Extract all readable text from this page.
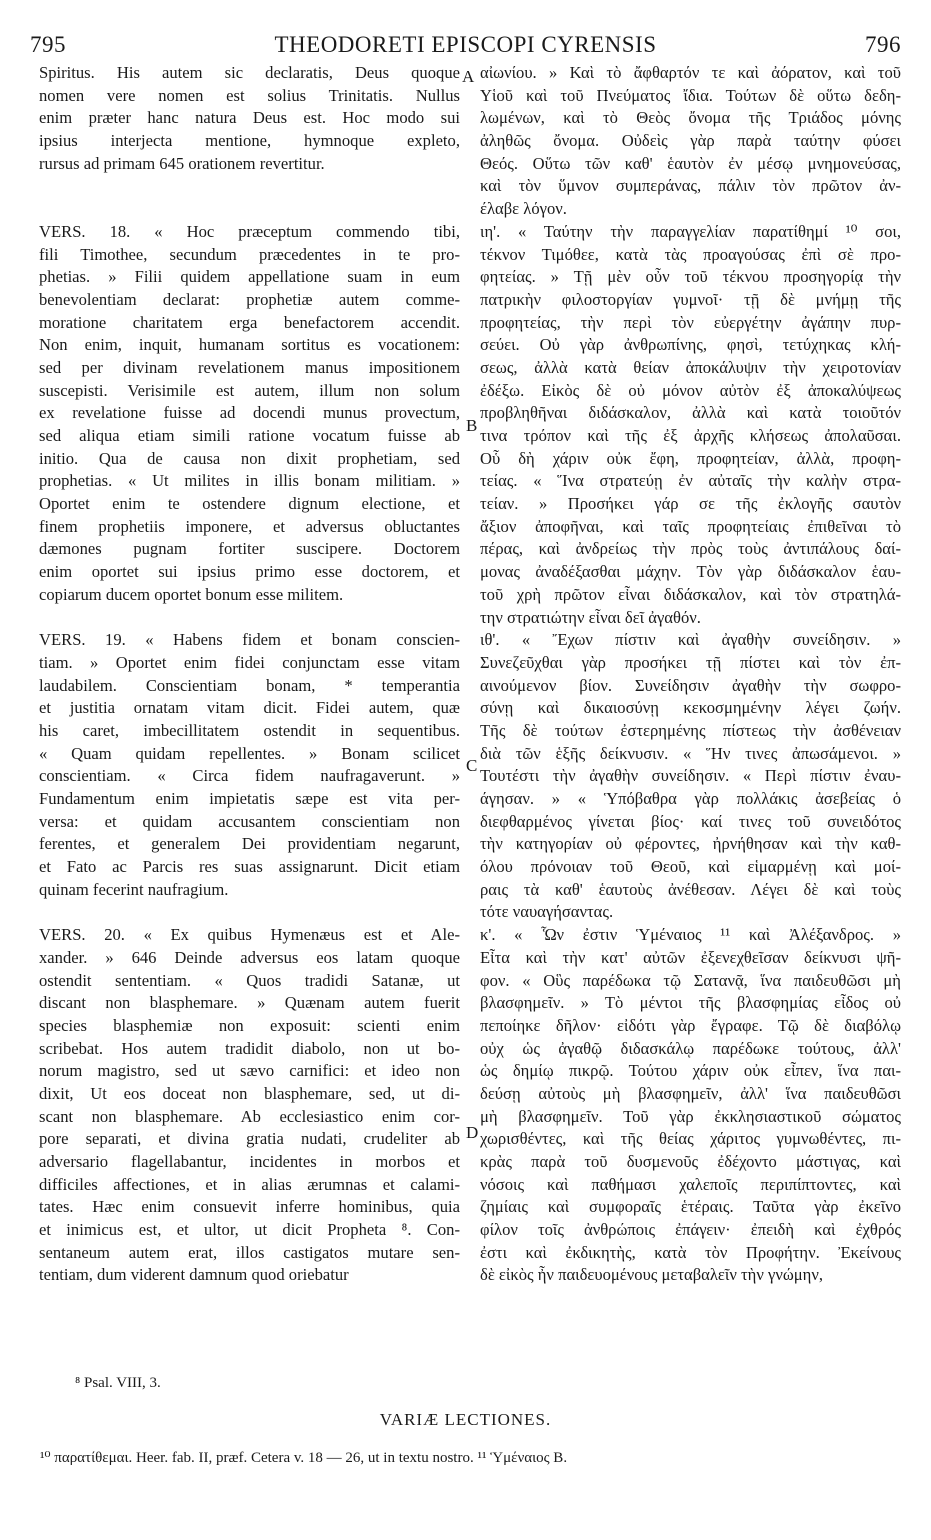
795	THEODORETI EPISCOPI CYRENSIS	796
Spiritus. His autem sic declaratis, Deus quoque
nomen vere nomen est solius Trinitatis. Nullus
enim præter hanc natura Deus est. Hoc modo sui
ipsius interjecta mentione, hymnoque expleto,
rursus ad primam 645 orationem revertitur.
VERS. 18. « Hoc præceptum commendo tibi,
fili Timothee, secundum præcedentes in te pro-
phetias. » Filii quidem appellatione suam in eum
benevolentiam declarat: prophetiæ autem comme-
moratione charitatem erga benefactorem accendit.
Non enim, inquit, humanam sortitus es vocationem:
sed per divinam revelationem manus impositionem
suscepisti. Verisimile est autem, illum non solum
ex revelatione fuisse ad docendi munus provectum,
sed aliqua etiam simili ratione vocatum fuisse ab
initio. Qua de causa non dixit prophetiam, sed
prophetias. « Ut milites in illis bonam militiam. »
Oportet enim te ostendere dignum electione, et
finem prophetiis imponere, et adversus obluctantes
dæmones pugnam fortiter suscipere. Doctorem
enim oportet sui ipsius primo esse doctorem, et
copiarum ducem oportet bonum esse militem.
VERS. 19. « Habens fidem et bonam conscien-
tiam. » Oportet enim fidei conjunctam esse vitam
laudabilem. Conscientiam bonam, * temperantia
et justitia ornatam vitam dicit. Fidei autem, quæ
his caret, imbecillitatem ostendit in sequentibus.
« Quam quidam repellentes. » Bonam scilicet
conscientiam. « Circa fidem naufragaverunt. »
Fundamentum enim impietatis sæpe est vita per-
versa: et quidam accusantem conscientiam non
ferentes, et generalem Dei providentiam negarunt,
et Fato ac Parcis res suas assignarunt. Dicit etiam
quinam fecerint naufragium.
VERS. 20. « Ex quibus Hymenæus est et Ale-
xander. » 646 Deinde adversus eos latam quoque
ostendit sententiam. « Quos tradidi Satanæ, ut
discant non blasphemare. » Quænam autem fuerit
species blasphemiæ non exposuit: scienti enim
scribebat. Hos autem tradidit diabolo, non ut bo-
norum magistro, sed ut sævo carnifici: et ideo non
dixit, Ut eos doceat non blasphemare, sed, ut di-
scant non blasphemare. Ab ecclesiastico enim cor-
pore separati, et divina gratia nudati, crudeliter ab
adversario flagellabantur, incidentes in morbos et
difficiles affectiones, et in alias ærumnas et calami-
tates. Hæc enim consuevit inferre hominibus, quia
et inimicus est, et ultor, ut dicit Propheta ⁸. Con-
sentaneum autem erat, illos castigatos mutare sen-
tentiam, dum viderent damnum quod oriebatur
αἰωνίου. » Καὶ τὸ ἄφθαρτόν τε καὶ ἀόρατον, καὶ τοῦ
Υἱοῦ καὶ τοῦ Πνεύματος ἴδια. Τούτων δὲ οὕτω δεδη-
λωμένων, καὶ τὸ Θεὸς ὄνομα τῆς Τριάδος μόνης
ἀληθῶς ὄνομα. Οὐδεὶς γὰρ παρὰ ταύτην φύσει
Θεός. Οὕτω τῶν καθ' ἑαυτὸν ἐν μέσῳ μνημονεύσας,
καὶ τὸν ὕμνον συμπεράνας, πάλιν τὸν πρῶτον ἀν-
έλαβε λόγον.
ιη'. « Ταύτην τὴν παραγγελίαν παρατίθημί ¹⁰ σοι,
τέκνον Τιμόθεε, κατὰ τὰς προαγούσας ἐπὶ σὲ προ-
φητείας. » Τῇ μὲν οὖν τοῦ τέκνου προσηγορίᾳ τὴν
πατρικὴν φιλοστοργίαν γυμνοῖ· τῇ δὲ μνήμῃ τῆς
προφητείας, τὴν περὶ τὸν εὐεργέτην ἀγάπην πυρ-
σεύει. Οὐ γὰρ ἀνθρωπίνης, φησὶ, τετύχηκας κλή-
σεως, ἀλλὰ κατὰ θείαν ἀποκάλυψιν τὴν χειροτονίαν
ἐδέξω. Εἰκὸς δὲ οὐ μόνον αὐτὸν ἐξ ἀποκαλύψεως
προβληθῆναι διδάσκαλον, ἀλλὰ καὶ κατὰ τοιοῦτόν
τινα τρόπον καὶ τῆς ἐξ ἀρχῆς κλήσεως ἀπολαῦσαι.
Οὗ δὴ χάριν οὐκ ἔφη, προφητείαν, ἀλλὰ, προφη-
τείας. « Ἵνα στρατεύῃ ἐν αὐταῖς τὴν καλὴν στρα-
τείαν. » Προσήκει γάρ σε τῆς ἐκλογῆς σαυτὸν
ἄξιον ἀποφῆναι, καὶ ταῖς προφητείαις ἐπιθεῖναι τὸ
πέρας, καὶ ἀνδρείως τὴν πρὸς τοὺς ἀντιπάλους δαί-
μονας ἀναδέξασθαι μάχην. Τὸν γὰρ διδάσκαλον ἑαυ-
τοῦ χρὴ πρῶτον εἶναι διδάσκαλον, καὶ τὸν στρατηλά-
την στρατιώτην εἶναι δεῖ ἀγαθόν.
ιθ'. « Ἔχων πίστιν καὶ ἀγαθὴν συνείδησιν. »
Συνεζεῦχθαι γὰρ προσήκει τῇ πίστει καὶ τὸν ἐπ-
αινούμενον βίον. Συνείδησιν ἀγαθὴν τὴν σωφρο-
σύνῃ καὶ δικαιοσύνῃ κεκοσμημένην λέγει ζωήν.
Τῆς δὲ τούτων ἐστερημένης πίστεως τὴν ἀσθένειαν
διὰ τῶν ἑξῆς δείκνυσιν. « Ἥν τινες ἀπωσάμενοι. »
Τουτέστι τὴν ἀγαθὴν συνείδησιν. « Περὶ πίστιν ἐναυ-
άγησαν. » « Ὑπόβαθρα γὰρ πολλάκις ἀσεβείας ὁ
διεφθαρμένος γίνεται βίος· καί τινες τοῦ συνειδότος
τὴν κατηγορίαν οὐ φέροντες, ἠρνήθησαν καὶ τὴν καθ-
όλου πρόνοιαν τοῦ Θεοῦ, καὶ εἱμαρμένῃ καὶ μοί-
ραις τὰ καθ' ἑαυτοὺς ἀνέθεσαν. Λέγει δὲ καὶ τοὺς
τότε ναυαγήσαντας.
κ'. « Ὧν ἐστιν Ὑμέναιος ¹¹ καὶ Ἀλέξανδρος. »
Εἶτα καὶ τὴν κατ' αὐτῶν ἐξενεχθεῖσαν δείκνυσι ψῆ-
φον. « Οὓς παρέδωκα τῷ Σατανᾷ, ἵνα παιδευθῶσι μὴ
βλασφημεῖν. » Τὸ μέντοι τῆς βλασφημίας εἶδος οὐ
πεποίηκε δῆλον· εἰδότι γὰρ ἔγραφε. Τῷ δὲ διαβόλῳ
οὐχ ὡς ἀγαθῷ διδασκάλῳ παρέδωκε τούτους, ἀλλ'
ὡς δημίῳ πικρῷ. Τούτου χάριν οὐκ εἶπεν, ἵνα παι-
δεύσῃ αὐτοὺς μὴ βλασφημεῖν, ἀλλ' ἵνα παιδευθῶσι
μὴ βλασφημεῖν. Τοῦ γὰρ ἐκκλησιαστικοῦ σώματος
χωρισθέντες, καὶ τῆς θείας χάριτος γυμνωθέντες, πι-
κρὰς παρὰ τοῦ δυσμενοῦς ἐδέχοντο μάστιγας, καὶ
νόσοις καὶ παθήμασι χαλεποῖς περιπίπτοντες, καὶ
ζημίαις καὶ συμφοραῖς ἑτέραις. Ταῦτα γὰρ ἐκεῖνο
φίλον τοῖς ἀνθρώποις ἐπάγειν· ἐπειδὴ καὶ ἐχθρός
ἐστι καὶ ἐκδικητὴς, κατὰ τὸν Προφήτην. Ἐκείνους
δὲ εἰκὸς ἦν παιδευομένους μεταβαλεῖν τὴν γνώμην,
A
B
C
D
⁸ Psal. VIII, 3.
VARIÆ LECTIONES.
¹⁰ παρατίθεμαι. Heer. fab. II, præf. Cetera v. 18 — 26, ut in textu nostro. ¹¹ Ὑμέναιος B.
